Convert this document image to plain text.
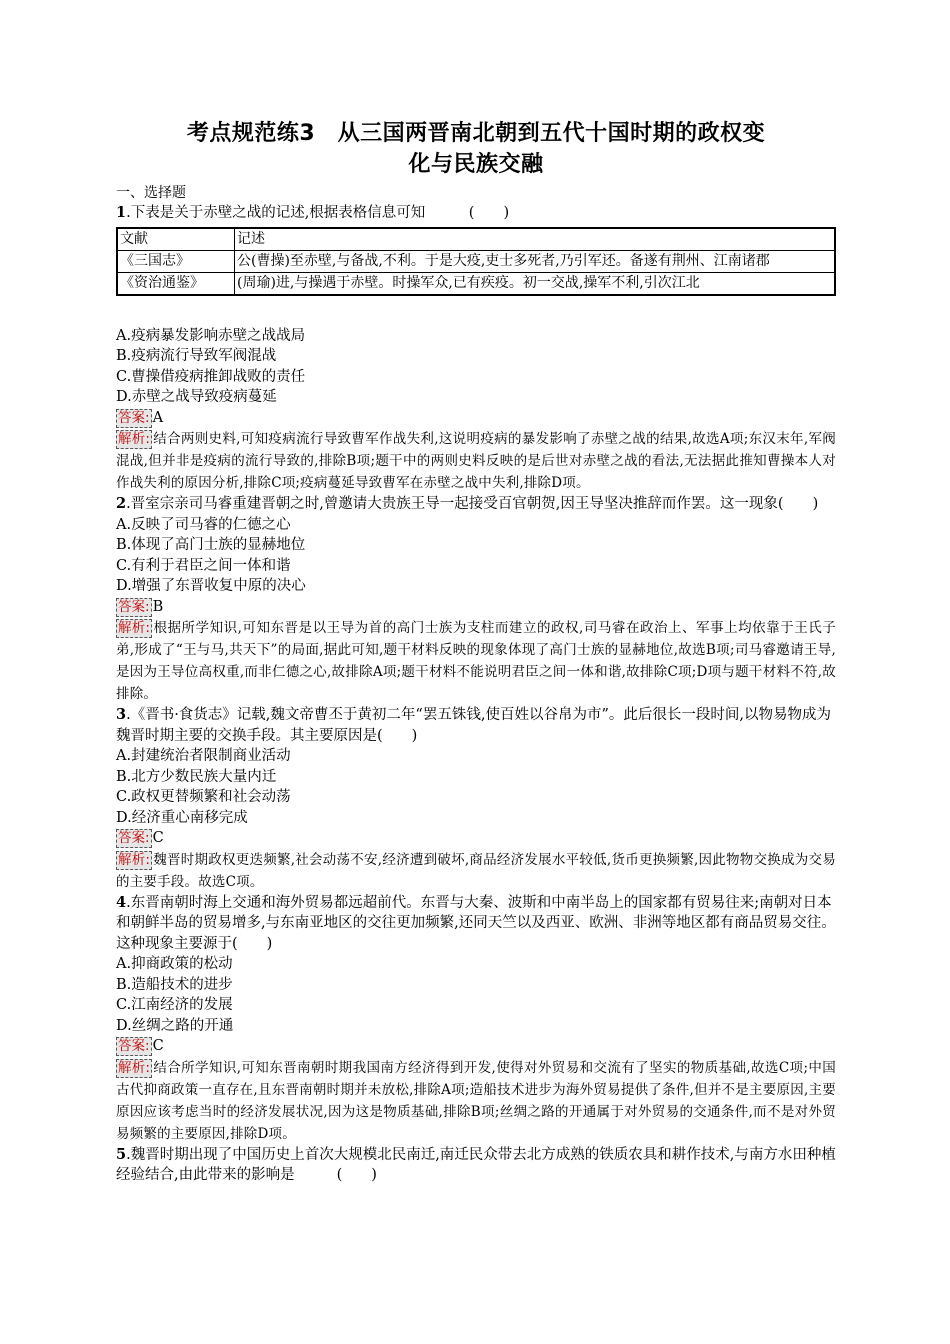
考点规范练3　从三国两晋南北朝到五代十国时期的政权变
化与民族交融

一、选择题

1.下表是关于赤壁之战的记述,根据表格信息可知　　　(　　)

文献	记述
《三国志》	公(曹操)至赤壁,与备战,不利。于是大疫,吏士多死者,乃引军还。备遂有荆州、江南诸郡
《资治通鉴》	(周瑜)进,与操遇于赤壁。时操军众,已有疾疫。初一交战,操军不利,引次江北

A.疫病暴发影响赤壁之战战局

B.疫病流行导致军阀混战

C.曹操借疫病推卸战败的责任

D.赤壁之战导致疫病蔓延

答案: A

解析: 结合两则史料,可知疫病流行导致曹军作战失利,这说明疫病的暴发影响了赤壁之战的结果,故选A项;东汉末年,军阀混战,但并非是疫病的流行导致的,排除B项;题干中的两则史料反映的是后世对赤壁之战的看法,无法据此推知曹操本人对作战失利的原因分析,排除C项;疫病蔓延导致曹军在赤壁之战中失利,排除D项。

2.晋室宗亲司马睿重建晋朝之时,曾邀请大贵族王导一起接受百官朝贺,因王导坚决推辞而作罢。这一现象(　　)

A.反映了司马睿的仁德之心

B.体现了高门士族的显赫地位

C.有利于君臣之间一体和谐

D.增强了东晋收复中原的决心

答案: B

解析: 根据所学知识,可知东晋是以王导为首的高门士族为支柱而建立的政权,司马睿在政治上、军事上均依靠于王氏子弟,形成了“王与马,共天下”的局面,据此可知,题干材料反映的现象体现了高门士族的显赫地位,故选B项;司马睿邀请王导,是因为王导位高权重,而非仁德之心,故排除A项;题干材料不能说明君臣之间一体和谐,故排除C项;D项与题干材料不符,故排除。

3.《晋书·食货志》记载,魏文帝曹丕于黄初二年“罢五铢钱,使百姓以谷帛为市”。此后很长一段时间,以物易物成为魏晋时期主要的交换手段。其主要原因是(　　)

A.封建统治者限制商业活动

B.北方少数民族大量内迁

C.政权更替频繁和社会动荡

D.经济重心南移完成

答案: C

解析: 魏晋时期政权更迭频繁,社会动荡不安,经济遭到破坏,商品经济发展水平较低,货币更换频繁,因此物物交换成为交易的主要手段。故选C项。

4.东晋南朝时海上交通和海外贸易都远超前代。东晋与大秦、波斯和中南半岛上的国家都有贸易往来;南朝对日本和朝鲜半岛的贸易增多,与东南亚地区的交往更加频繁,还同天竺以及西亚、欧洲、非洲等地区都有商品贸易交往。这种现象主要源于(　　)

A.抑商政策的松动

B.造船技术的进步

C.江南经济的发展

D.丝绸之路的开通

答案: C

解析: 结合所学知识,可知东晋南朝时期我国南方经济得到开发,使得对外贸易和交流有了坚实的物质基础,故选C项;中国古代抑商政策一直存在,且东晋南朝时期并未放松,排除A项;造船技术进步为海外贸易提供了条件,但并不是主要原因,主要原因应该考虑当时的经济发展状况,因为这是物质基础,排除B项;丝绸之路的开通属于对外贸易的交通条件,而不是对外贸易频繁的主要原因,排除D项。

5.魏晋时期出现了中国历史上首次大规模北民南迁,南迁民众带去北方成熟的铁质农具和耕作技术,与南方水田种植经验结合,由此带来的影响是	(　　)
